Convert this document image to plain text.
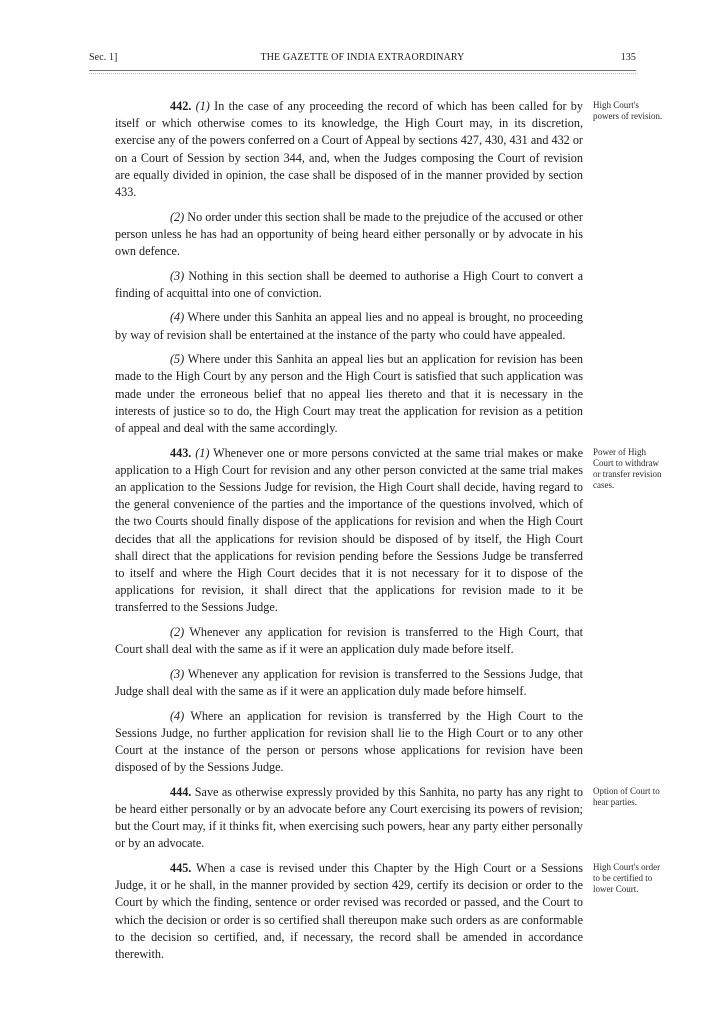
Sec. 1]	THE GAZETTE OF INDIA EXTRAORDINARY	135

442. (1) In the case of any proceeding the record of which has been called for by itself or which otherwise comes to its knowledge, the High Court may, in its discretion, exercise any of the powers conferred on a Court of Appeal by sections 427, 430, 431 and 432 or on a Court of Session by section 344, and, when the Judges composing the Court of revision are equally divided in opinion, the case shall be disposed of in the manner provided by section 433.

(2) No order under this section shall be made to the prejudice of the accused or other person unless he has had an opportunity of being heard either personally or by advocate in his own defence.

(3) Nothing in this section shall be deemed to authorise a High Court to convert a finding of acquittal into one of conviction.

(4) Where under this Sanhita an appeal lies and no appeal is brought, no proceeding by way of revision shall be entertained at the instance of the party who could have appealed.

(5) Where under this Sanhita an appeal lies but an application for revision has been made to the High Court by any person and the High Court is satisfied that such application was made under the erroneous belief that no appeal lies thereto and that it is necessary in the interests of justice so to do, the High Court may treat the application for revision as a petition of appeal and deal with the same accordingly.

443. (1) Whenever one or more persons convicted at the same trial makes or make application to a High Court for revision and any other person convicted at the same trial makes an application to the Sessions Judge for revision, the High Court shall decide, having regard to the general convenience of the parties and the importance of the questions involved, which of the two Courts should finally dispose of the applications for revision and when the High Court decides that all the applications for revision should be disposed of by itself, the High Court shall direct that the applications for revision pending before the Sessions Judge be transferred to itself and where the High Court decides that it is not necessary for it to dispose of the applications for revision, it shall direct that the applications for revision made to it be transferred to the Sessions Judge.

(2) Whenever any application for revision is transferred to the High Court, that Court shall deal with the same as if it were an application duly made before itself.

(3) Whenever any application for revision is transferred to the Sessions Judge, that Judge shall deal with the same as if it were an application duly made before himself.

(4) Where an application for revision is transferred by the High Court to the Sessions Judge, no further application for revision shall lie to the High Court or to any other Court at the instance of the person or persons whose applications for revision have been disposed of by the Sessions Judge.

444. Save as otherwise expressly provided by this Sanhita, no party has any right to be heard either personally or by an advocate before any Court exercising its powers of revision; but the Court may, if it thinks fit, when exercising such powers, hear any party either personally or by an advocate.

445. When a case is revised under this Chapter by the High Court or a Sessions Judge, it or he shall, in the manner provided by section 429, certify its decision or order to the Court by which the finding, sentence or order revised was recorded or passed, and the Court to which the decision or order is so certified shall thereupon make such orders as are conformable to the decision so certified, and, if necessary, the record shall be amended in accordance therewith.

High Court's powers of revision.
Power of High Court to withdraw or transfer revision cases.
Option of Court to hear parties.
High Court's order to be certified to lower Court.
